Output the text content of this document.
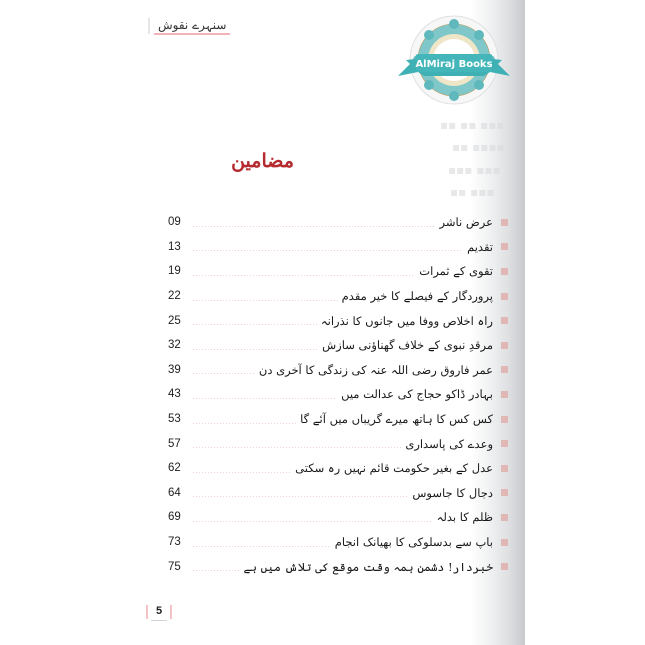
▪▪▪ ▪▪ ▪▪
▪▪▪▪ ▪▪
▪▪▪ ▪▪▪
▪▪▪ ▪▪
سنہرے نقوش
AlMiraj Books
مضامین
09	عرض ناشر
13	تقدیم
19	تقوی کے ثمرات
22	پروردگار کے فیصلے کا خیر مقدم
25	راہ اخلاص ووفا میں جانوں کا نذرانہ
32	مرقدِ نبوی کے خلاف گھناؤنی سازش
39	عمر فاروق رضی اللہ عنہ کی زندگی کا آخری دن
43	بہادر ڈاکو حجاج کی عدالت میں
53	کس کس کا ہاتھ میرے گریباں میں آئے گا
57	وعدے کی پاسداری
62	عدل کے بغیر حکومت قائم نہیں رہ سکتی
64	دجال کا جاسوس
69	ظلم کا بدلہ
73	باپ سے بدسلوکی کا بھیانک انجام
75	خبردار! دشمن ہمہ وقت موقع کی تلاش میں ہے
5
